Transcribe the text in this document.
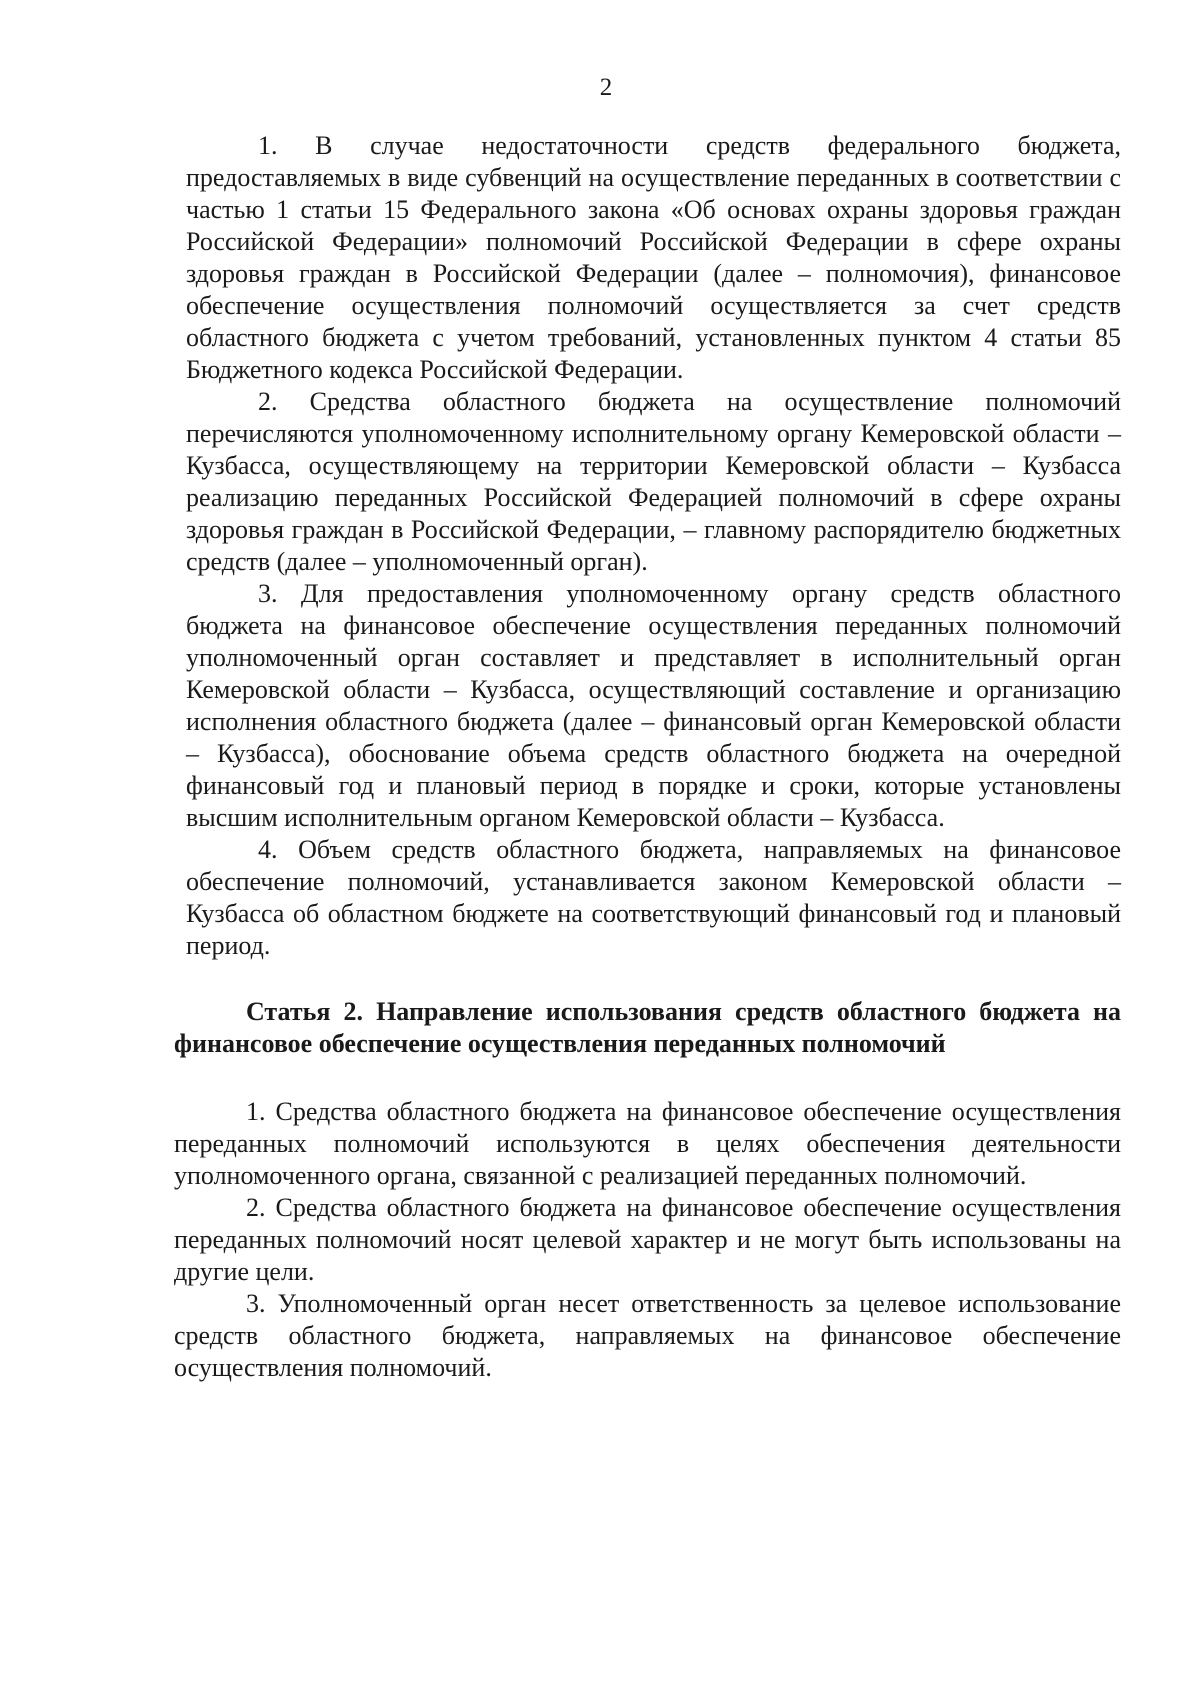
2

1. В случае недостаточности средств федерального бюджета, предоставляемых в виде субвенций на осуществление переданных в соответствии с частью 1 статьи 15 Федерального закона «Об основах охраны здоровья граждан Российской Федерации» полномочий Российской Федерации в сфере охраны здоровья граждан в Российской Федерации (далее – полномочия), финансовое обеспечение осуществления полномочий осуществляется за счет средств областного бюджета с учетом требований, установленных пунктом 4 статьи 85 Бюджетного кодекса Российской Федерации.

2. Средства областного бюджета на осуществление полномочий перечисляются уполномоченному исполнительному органу Кемеровской области – Кузбасса, осуществляющему на территории Кемеровской области – Кузбасса реализацию переданных Российской Федерацией полномочий в сфере охраны здоровья граждан в Российской Федерации, – главному распорядителю бюджетных средств (далее – уполномоченный орган).

3. Для предоставления уполномоченному органу средств областного бюджета на финансовое обеспечение осуществления переданных полномочий уполномоченный орган составляет и представляет в исполнительный орган Кемеровской области – Кузбасса, осуществляющий составление и организацию исполнения областного бюджета (далее – финансовый орган Кемеровской области – Кузбасса), обоснование объема средств областного бюджета на очередной финансовый год и плановый период в порядке и сроки, которые установлены высшим исполнительным органом Кемеровской области – Кузбасса.

4. Объем средств областного бюджета, направляемых на финансовое обеспечение полномочий, устанавливается законом Кемеровской области – Кузбасса об областном бюджете на соответствующий финансовый год и плановый период.

Статья 2. Направление использования средств областного бюджета на финансовое обеспечение осуществления переданных полномочий

1. Средства областного бюджета на финансовое обеспечение осуществления переданных полномочий используются в целях обеспечения деятельности уполномоченного органа, связанной с реализацией переданных полномочий.

2. Средства областного бюджета на финансовое обеспечение осуществления переданных полномочий носят целевой характер и не могут быть использованы на другие цели.

3. Уполномоченный орган несет ответственность за целевое использование средств областного бюджета, направляемых на финансовое обеспечение осуществления полномочий.
